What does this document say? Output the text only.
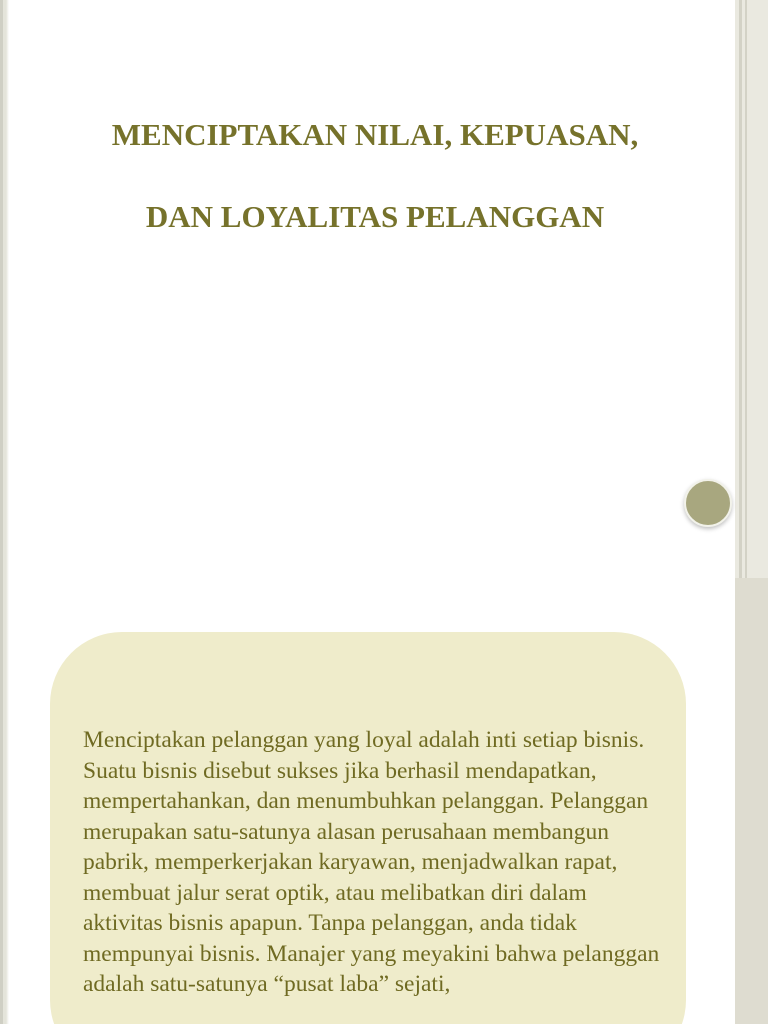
MENCIPTAKAN NILAI, KEPUASAN,
DAN LOYALITAS PELANGGAN

Menciptakan pelanggan yang loyal adalah inti setiap bisnis. Suatu bisnis disebut sukses jika berhasil mendapatkan, mempertahankan, dan menumbuhkan pelanggan. Pelanggan merupakan satu-satunya alasan perusahaan membangun pabrik, memperkerjakan karyawan, menjadwalkan rapat, membuat jalur serat optik, atau melibatkan diri dalam aktivitas bisnis apapun. Tanpa pelanggan, anda tidak mempunyai bisnis. Manajer yang meyakini bahwa pelanggan adalah satu-satunya “pusat laba” sejati,
